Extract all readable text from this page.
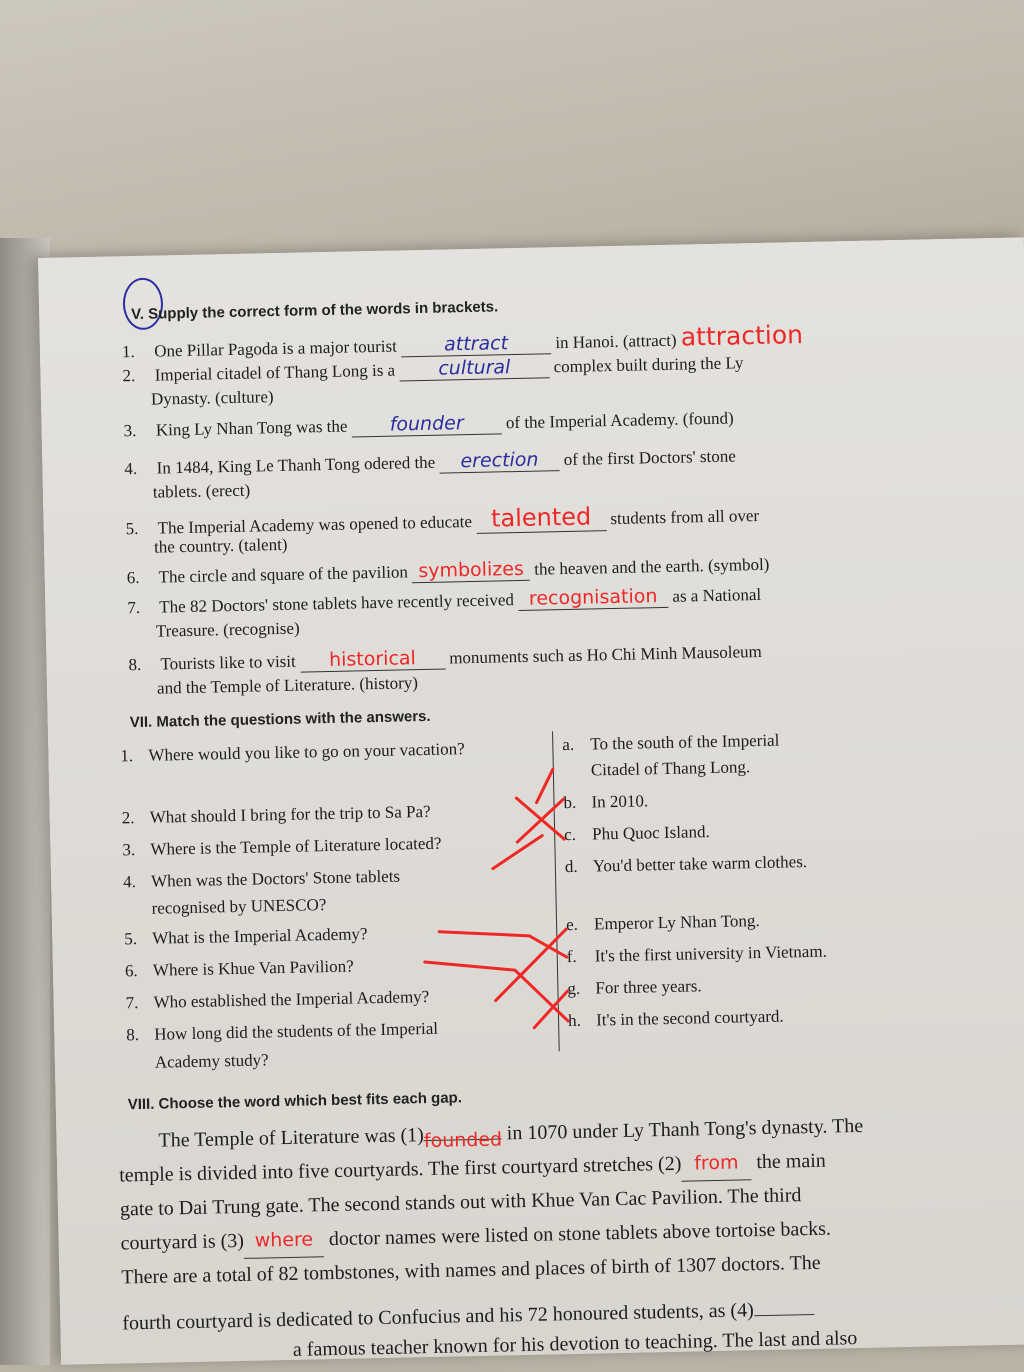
V. Supply the correct form of the words in brackets.
1. One Pillar Pagoda is a major tourist attract	in Hanoi. (attract) attraction
2. Imperial citadel of Thang Long is a cultural	complex built during the Ly
Dynasty. (culture)
3. King Ly Nhan Tong was the founder of the Imperial Academy. (found)
4. In 1484, King Le Thanh Tong odered the erection of the first Doctors' stone
tablets. (erect)
5. The Imperial Academy was opened to educate talented students from all over
the country. (talent)
6. The circle and square of the pavilion symbolizes the heaven and the earth. (symbol)
7. The 82 Doctors' stone tablets have recently received recognisation as a National
Treasure. (recognise)
8. Tourists like to visit historical monuments such as Ho Chi Minh Mausoleum
and the Temple of Literature. (history)
VII. Match the questions with the answers.
1. Where would you like to go on your vacation?
2. What should I bring for the trip to Sa Pa?
3. Where is the Temple of Literature located?
4. When was the Doctors' Stone tablets
recognised by UNESCO?
5. What is the Imperial Academy?
6. Where is Khue Van Pavilion?
7. Who established the Imperial Academy?
8. How long did the students of the Imperial
Academy study?
a. To the south of the Imperial
Citadel of Thang Long.
b. In 2010.
c. Phu Quoc Island.
d. You'd better take warm clothes.
e. Emperor Ly Nhan Tong.
f. It's the first university in Vietnam.
g. For three years.
h. It's in the second courtyard.
VIII. Choose the word which best fits each gap.
The Temple of Literature was (1) founded in 1070 under Ly Thanh Tong's dynasty. The
temple is divided into five courtyards. The first courtyard stretches (2) from the main
gate to Dai Trung gate. The second stands out with Khue Van Cac Pavilion. The third
courtyard is (3) where doctor names were listed on stone tablets above tortoise backs.
There are a total of 82 tombstones, with names and places of birth of 1307 doctors. The
fourth courtyard is dedicated to Confucius and his 72 honoured students, as (4)
a famous teacher known for his devotion to teaching. The last and also
